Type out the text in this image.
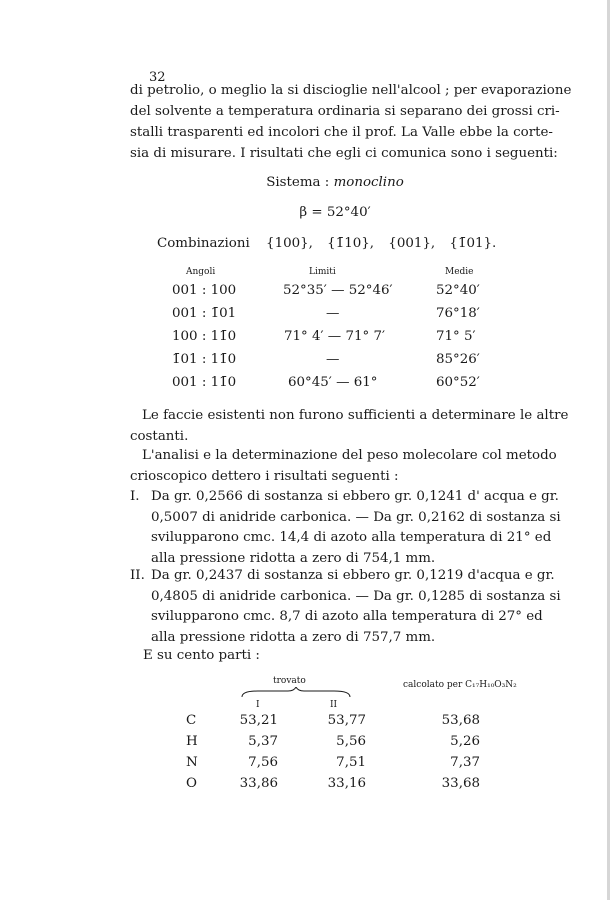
32
di petrolio, o meglio la si discioglie nell'alcool ; per evaporazione
del solvente a temperatura ordinaria si separano dei grossi cri-
stalli trasparenti ed incolori che il prof. La Valle ebbe la corte-
sia di misurare. I risultati che egli ci comunica sono i seguenti:
Sistema : monoclino
β = 52°40′
Combinazioni {100}, {1̄10}, {001}, {1̄01}.
Angoli	Limiti	Medie
001 : 100	52°35′ — 52°46′	52°40′
001 : 1̄01	—	76°18′
100 : 11̄0	71° 4′ — 71° 7′	71° 5′
1̄01 : 11̄0	—	85°26′
001 : 11̄0	60°45′ — 61°	60°52′
Le faccie esistenti non furono sufficienti a determinare le altre
costanti.
L'analisi e la determinazione del peso molecolare col metodo
crioscopico dettero i risultati seguenti :
I. Da gr. 0,2566 di sostanza si ebbero gr. 0,1241 d' acqua e gr.
0,5007 di anidride carbonica. — Da gr. 0,2162 di sostanza si
svilupparono cmc. 14,4 di azoto alla temperatura di 21° ed
alla pressione ridotta a zero di 754,1 mm.
II. Da gr. 0,2437 di sostanza si ebbero gr. 0,1219 d'acqua e gr.
0,4805 di anidride carbonica. — Da gr. 0,1285 di sostanza si
svilupparono cmc. 8,7 di azoto alla temperatura di 27° ed
alla pressione ridotta a zero di 757,7 mm.
E su cento parti :
trovato
I	II
calcolato per C₁₇H₁₀O₃N₂
C	53,21	53,77	53,68
H	5,37	5,56	5,26
N	7,56	7,51	7,37
O	33,86	33,16	33,68
